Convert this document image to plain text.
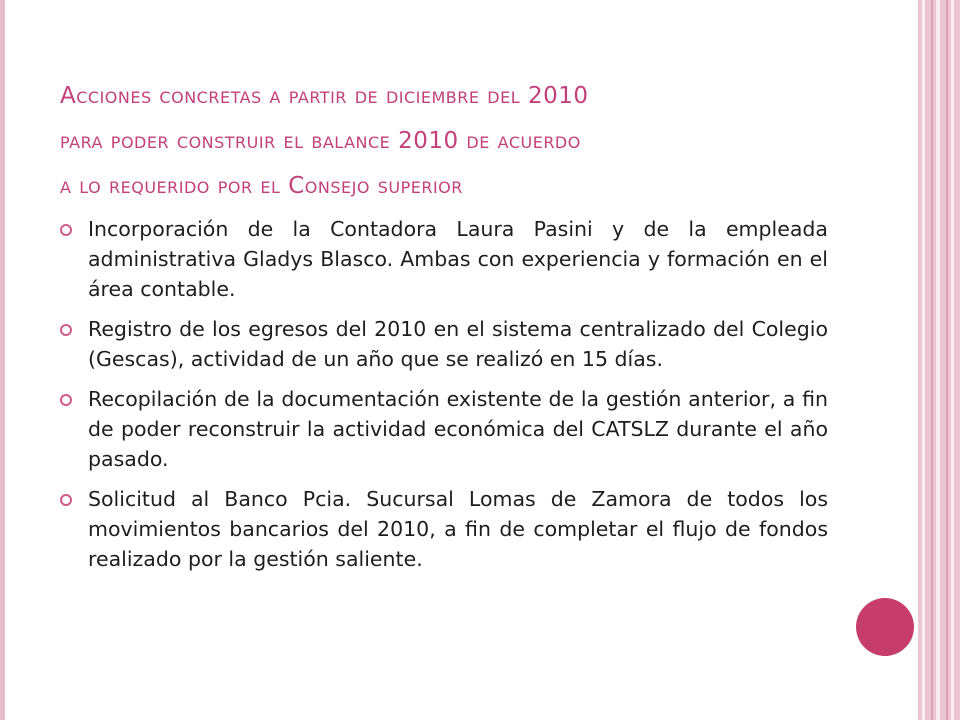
Acciones concretas a partir de diciembre del 2010
para poder construir el balance 2010 de acuerdo
a lo requerido por el Consejo superior
Incorporación de la Contadora Laura Pasini y de la empleada administrativa Gladys Blasco. Ambas con experiencia y formación en el área contable.
Registro de los egresos del 2010 en el sistema centralizado del Colegio (Gescas), actividad de un año que se realizó en 15 días.
Recopilación de la documentación existente de la gestión anterior, a fin de poder reconstruir la actividad económica del CATSLZ durante el año pasado.
Solicitud al Banco Pcia. Sucursal Lomas de Zamora de todos los movimientos bancarios del 2010, a fin de completar el flujo de fondos realizado por la gestión saliente.
